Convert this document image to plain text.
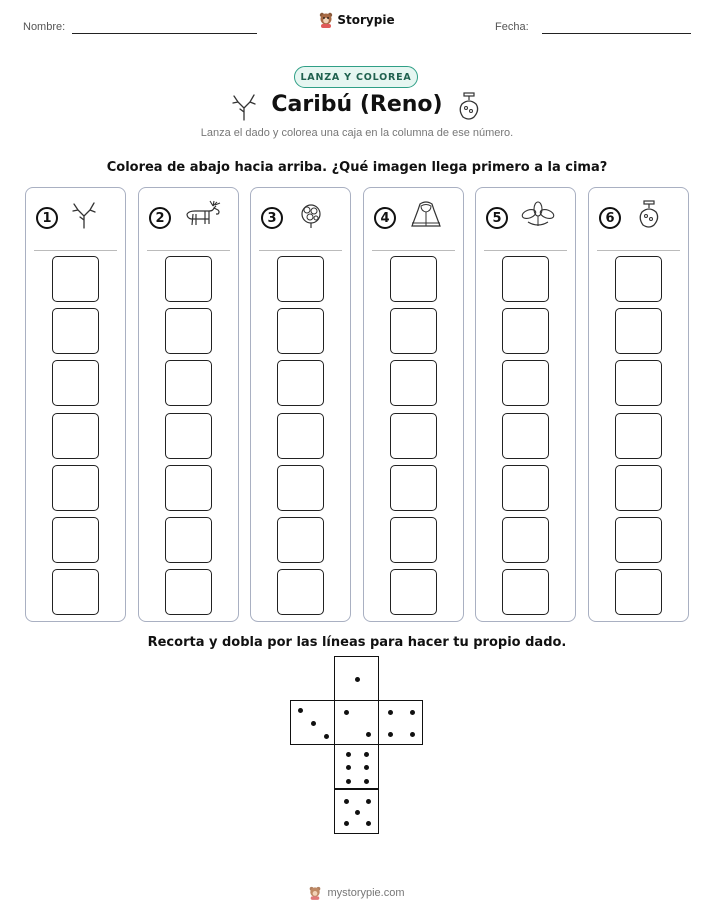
Nombre:	Storypie	Fecha:
LANZA Y COLOREA
Caribú (Reno)
Lanza el dado y colorea una caja en la columna de ese número.
Colorea de abajo hacia arriba. ¿Qué imagen llega primero a la cima?
1	2	3	4	5	6
Recorta y dobla por las líneas para hacer tu propio dado.
mystorypie.com
